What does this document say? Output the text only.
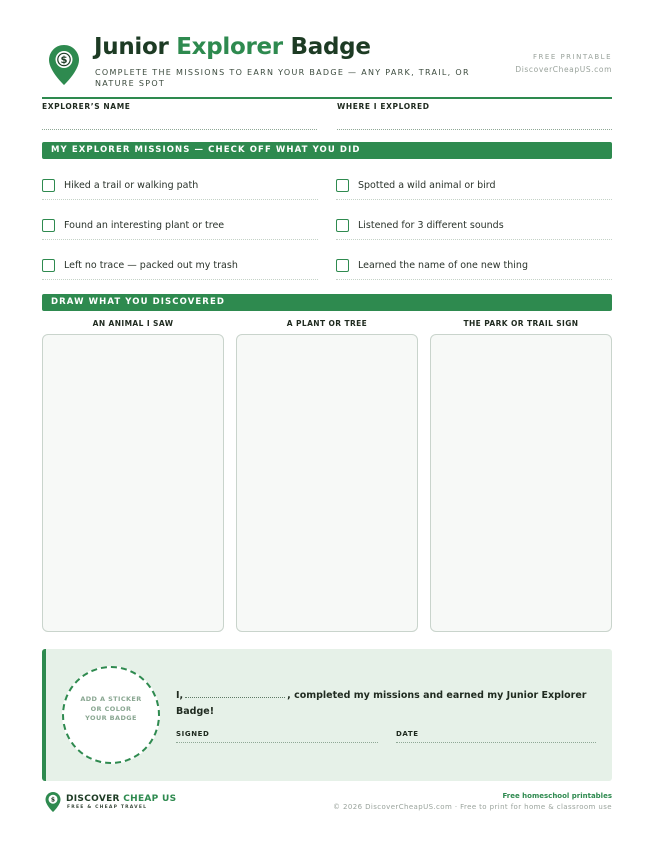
$
Junior Explorer Badge
COMPLETE THE MISSIONS TO EARN YOUR BADGE — ANY PARK, TRAIL, OR NATURE SPOT
FREE PRINTABLE
DiscoverCheapUS.com
EXPLORER’S NAME	WHERE I EXPLORED
MY EXPLORER MISSIONS — CHECK OFF WHAT YOU DID
Hiked a trail or walking path	Spotted a wild animal or bird
Found an interesting plant or tree	Listened for 3 different sounds
Left no trace — packed out my trash	Learned the name of one new thing
DRAW WHAT YOU DISCOVERED
AN ANIMAL I SAW	A PLANT OR TREE	THE PARK OR TRAIL SIGN
ADD A STICKER OR COLOR YOUR BADGE
I,	, completed my missions and earned my Junior Explorer Badge!
SIGNED	DATE
$ DISCOVER CHEAP US
FREE & CHEAP TRAVEL
Free homeschool printables
© 2026 DiscoverCheapUS.com · Free to print for home & classroom use
